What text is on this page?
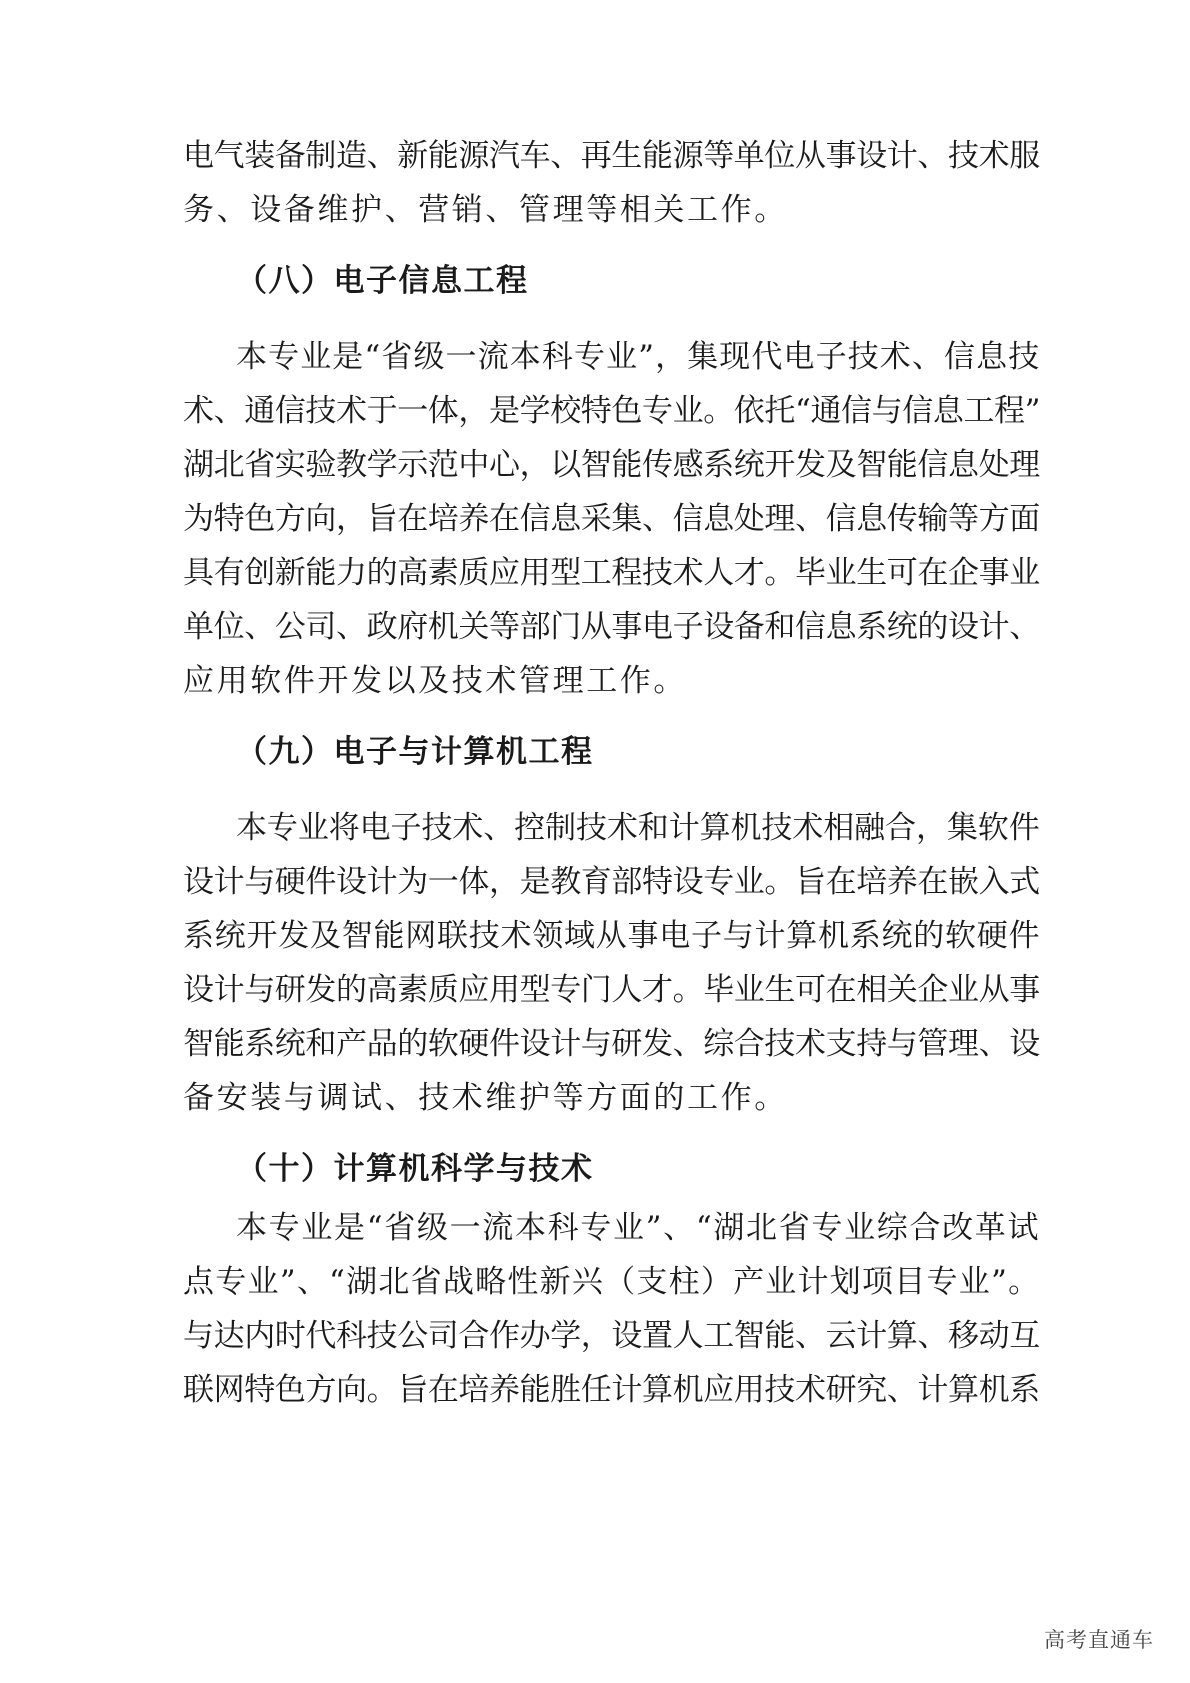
电气装备制造、新能源汽车、再生能源等单位从事设计、技术服
务、设备维护、营销、管理等相关工作。
（八）电子信息工程
本专业是“省级一流本科专业”，集现代电子技术、信息技
术、通信技术于一体，是学校特色专业。依托“通信与信息工程”
湖北省实验教学示范中心，以智能传感系统开发及智能信息处理
为特色方向，旨在培养在信息采集、信息处理、信息传输等方面
具有创新能力的高素质应用型工程技术人才。毕业生可在企事业
单位、公司、政府机关等部门从事电子设备和信息系统的设计、
应用软件开发以及技术管理工作。
（九）电子与计算机工程
本专业将电子技术、控制技术和计算机技术相融合，集软件
设计与硬件设计为一体，是教育部特设专业。旨在培养在嵌入式
系统开发及智能网联技术领域从事电子与计算机系统的软硬件
设计与研发的高素质应用型专门人才。毕业生可在相关企业从事
智能系统和产品的软硬件设计与研发、综合技术支持与管理、设
备安装与调试、技术维护等方面的工作。
（十）计算机科学与技术
本专业是“省级一流本科专业”、“湖北省专业综合改革试
点专业”、“湖北省战略性新兴（支柱）产业计划项目专业”。
与达内时代科技公司合作办学，设置人工智能、云计算、移动互
联网特色方向。旨在培养能胜任计算机应用技术研究、计算机系
高考直通车
